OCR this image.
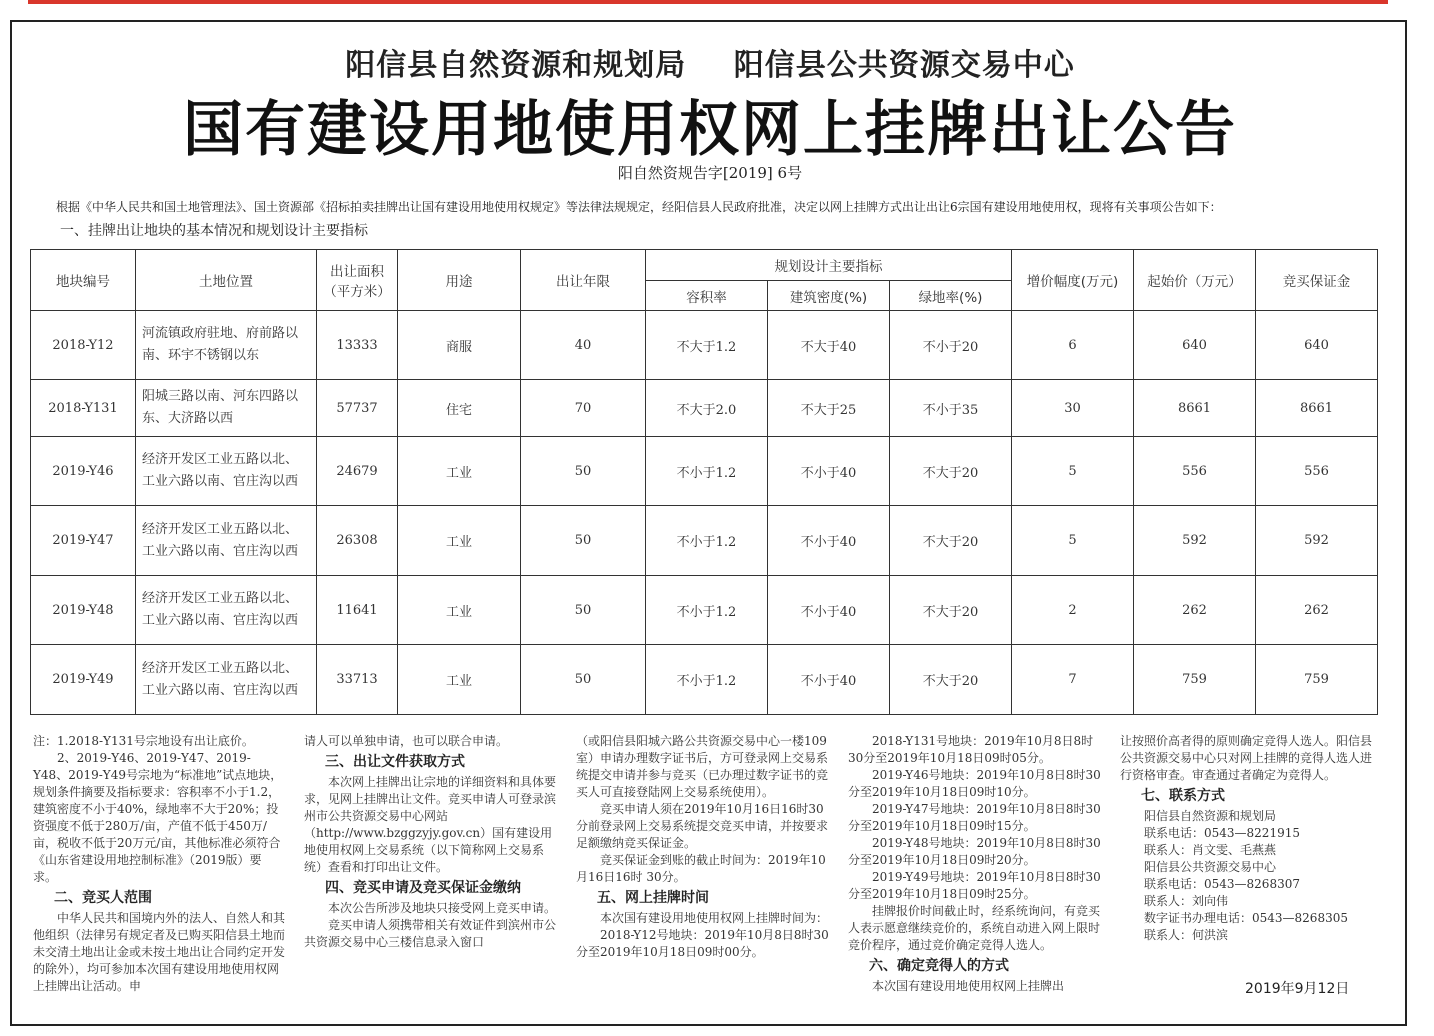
阳信县自然资源和规划局 阳信县公共资源交易中心
国有建设用地使用权网上挂牌出让公告
阳自然资规告字[2019] 6号
根据《中华人民共和国土地管理法》、国土资源部《招标拍卖挂牌出让国有建设用地使用权规定》等法律法规规定，经阳信县人民政府批准，决定以网上挂牌方式出让出让6宗国有建设用地使用权，现将有关事项公告如下：
一、挂牌出让地块的基本情况和规划设计主要指标
地块编号	土地位置	出让面积（平方米）	用途	出让年限	规划设计主要指标			增价幅度(万元)	起始价（万元）	竞买保证金
					容积率	建筑密度(%)	绿地率(%)			
2018-Y12	河流镇政府驻地、府前路以
南、环宇不锈钢以东	13333	商服	40	不大于1.2	不大于40	不小于20	6	640	640
2018-Y131	阳城三路以南、河东四路以
东、大济路以西	57737	住宅	70	不大于2.0	不大于25	不小于35	30	8661	8661
2019-Y46	经济开发区工业五路以北、
工业六路以南、官庄沟以西	24679	工业	50	不小于1.2	不小于40	不大于20	5	556	556
2019-Y47	经济开发区工业五路以北、
工业六路以南、官庄沟以西	26308	工业	50	不小于1.2	不小于40	不大于20	5	592	592
2019-Y48	经济开发区工业五路以北、
工业六路以南、官庄沟以西	11641	工业	50	不小于1.2	不小于40	不大于20	2	262	262
2019-Y49	经济开发区工业五路以北、
工业六路以南、官庄沟以西	33713	工业	50	不小于1.2	不小于40	不大于20	7	759	759

注：1.2018-Y131号宗地设有出让底价。

2、2019-Y46、2019-Y47、2019-Y48、2019-Y49号宗地为“标准地”试点地块，规划条件摘要及指标要求：容积率不小于1.2，建筑密度不小于40%，绿地率不大于20%；投资强度不低于280万/亩，产值不低于450万/亩，税收不低于20万元/亩，其他标准必须符合《山东省建设用地控制标准》（2019版）要求。

二、竞买人范围

中华人民共和国境内外的法人、自然人和其他组织（法律另有规定者及已购买阳信县土地而未交清土地出让金或未按土地出让合同约定开发的除外），均可参加本次国有建设用地使用权网上挂牌出让活动。申

请人可以单独申请，也可以联合申请。

三、出让文件获取方式

本次网上挂牌出让宗地的详细资料和具体要求，见网上挂牌出让文件。竞买申请人可登录滨州市公共资源交易中心网站（http://www.bzggzyjy.gov.cn）国有建设用地使用权网上交易系统（以下简称网上交易系统）查看和打印出让文件。

四、竞买申请及竞买保证金缴纳

本次公告所涉及地块只接受网上竞买申请。

竞买申请人须携带相关有效证件到滨州市公共资源交易中心三楼信息录入窗口

（或阳信县阳城六路公共资源交易中心一楼109室）申请办理数字证书后，方可登录网上交易系统提交申请并参与竞买（已办理过数字证书的竞买人可直接登陆网上交易系统使用）。

竞买申请人须在2019年10月16日16时30分前登录网上交易系统提交竞买申请，并按要求足额缴纳竞买保证金。

竞买保证金到账的截止时间为：2019年10月16日16时 30分。

五、网上挂牌时间

本次国有建设用地使用权网上挂牌时间为：

2018-Y12号地块：2019年10月8日8时30分至2019年10月18日09时00分。

2018-Y131号地块：2019年10月8日8时30分至2019年10月18日09时05分。

2019-Y46号地块：2019年10月8日8时30分至2019年10月18日09时10分。

2019-Y47号地块：2019年10月8日8时30分至2019年10月18日09时15分。

2019-Y48号地块：2019年10月8日8时30分至2019年10月18日09时20分。

2019-Y49号地块：2019年10月8日8时30分至2019年10月18日09时25分。

挂牌报价时间截止时，经系统询问，有竞买人表示愿意继续竞价的，系统自动进入网上限时竞价程序，通过竞价确定竞得人选人。

六、确定竞得人的方式

本次国有建设用地使用权网上挂牌出

让按照价高者得的原则确定竞得人选人。阳信县公共资源交易中心只对网上挂牌的竞得人选人进行资格审查。审查通过者确定为竞得人。

七、联系方式

阳信县自然资源和规划局

联系电话：0543—8221915

联系人：肖文雯、毛燕燕

阳信县公共资源交易中心

联系电话：0543—8268307

联系人：刘向伟

数字证书办理电话：0543—8268305

联系人：何洪滨

2019年9月12日
